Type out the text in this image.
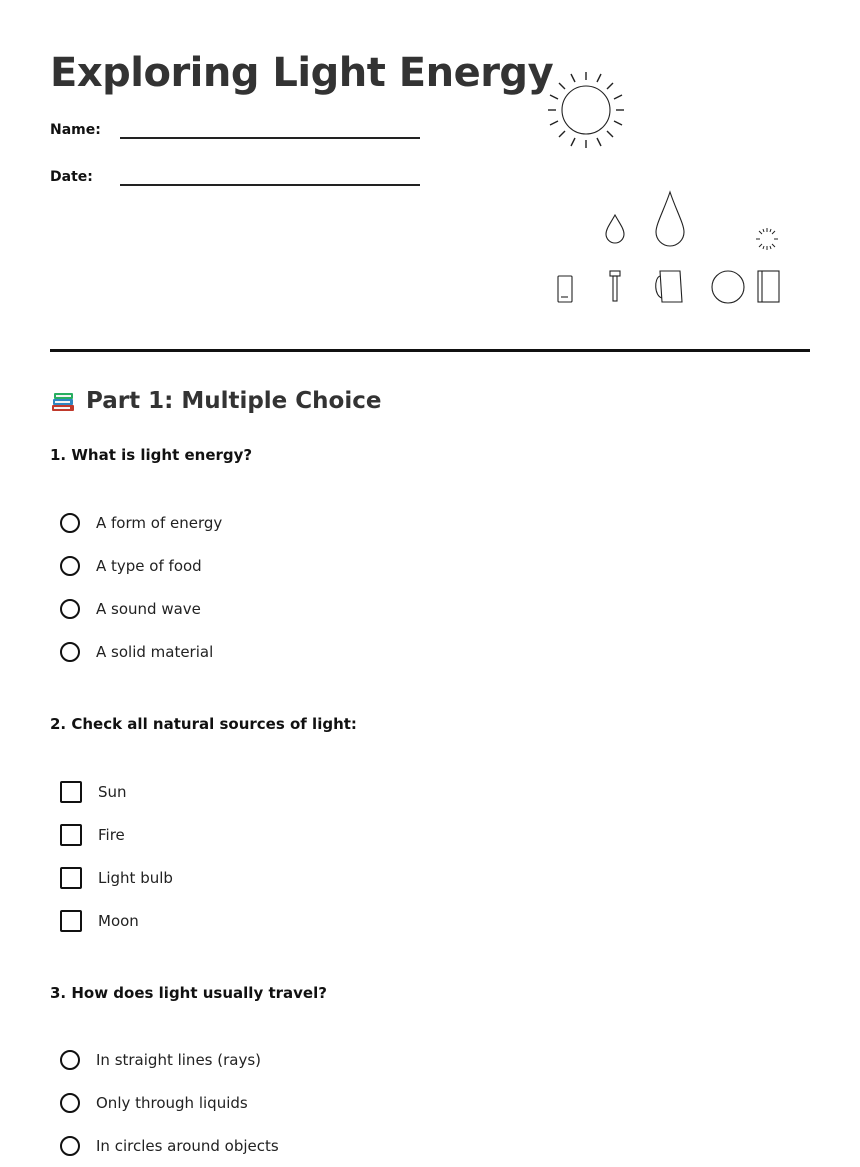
Exploring Light Energy
Name:
Date:
Part 1: Multiple Choice

1. What is light energy?

A form of energy
A type of food
A sound wave
A solid material

2. Check all natural sources of light:

Sun
Fire
Light bulb
Moon

3. How does light usually travel?

In straight lines (rays)
Only through liquids
In circles around objects
